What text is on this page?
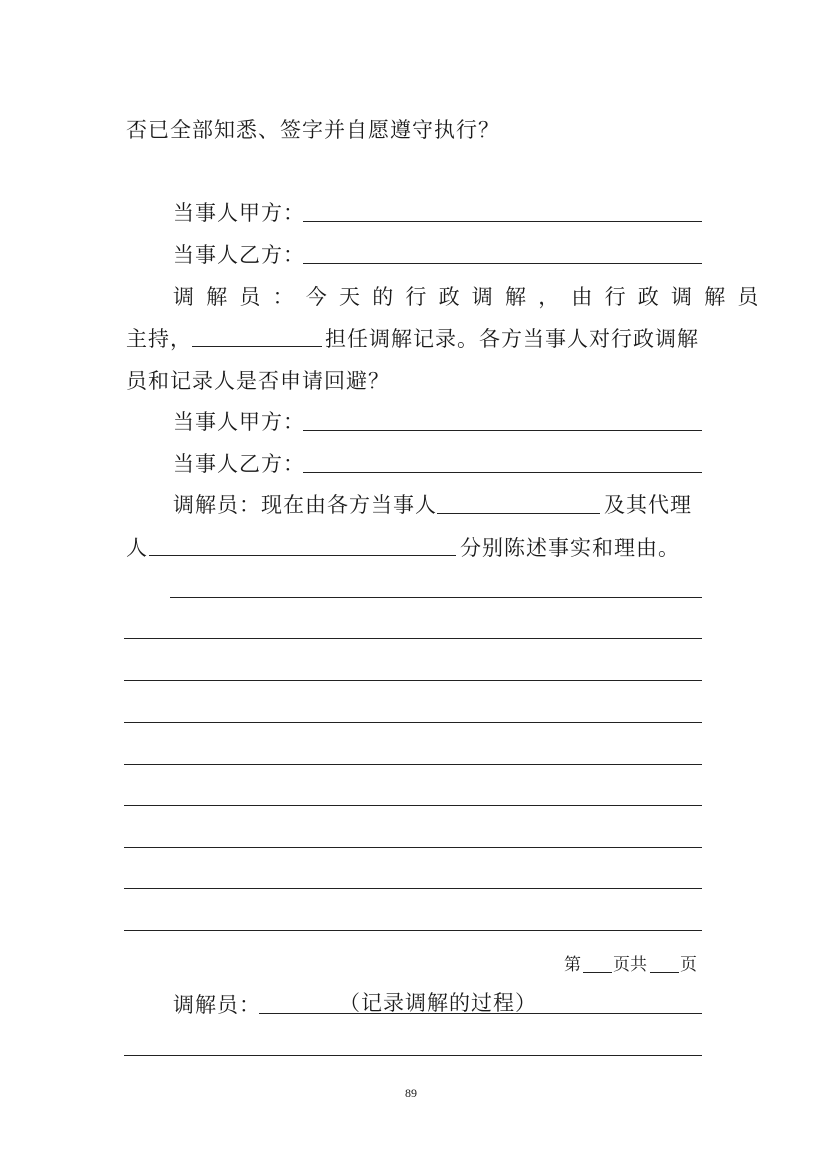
否已全部知悉、签字并自愿遵守执行？
当事人甲方：
当事人乙方：
调解员：今天的行政调解，由行政调解员
主持，	担任调解记录。各方当事人对行政调解
员和记录人是否申请回避？
当事人甲方：
当事人乙方：
调解员：现在由各方当事人	及其代理
人	分别陈述事实和理由。
第 页共 页
调解员：	（记录调解的过程）
89
